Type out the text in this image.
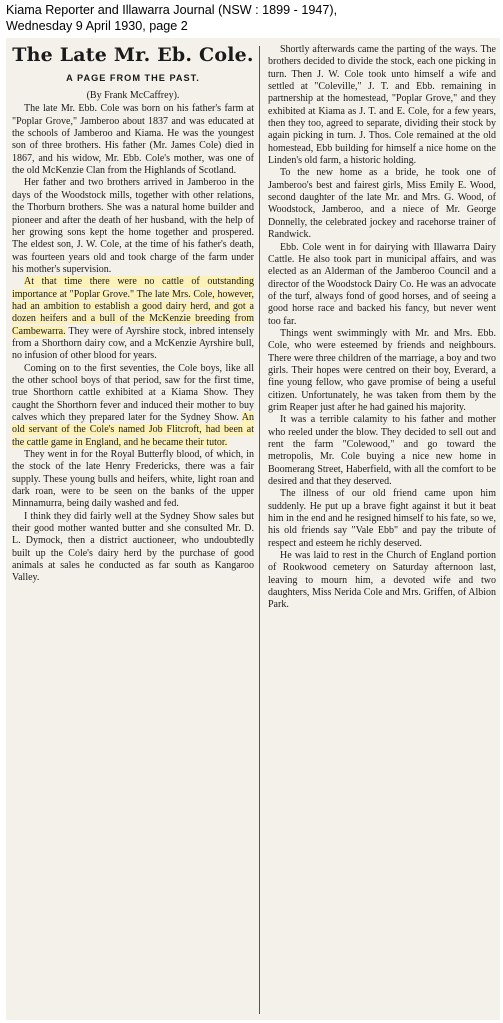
Kiama Reporter and Illawarra Journal (NSW : 1899 - 1947),
Wednesday 9 April 1930, page 2
The Late Mr. Eb. Cole.
A PAGE FROM THE PAST.
(By Frank McCaffrey).

The late Mr. Ebb. Cole was born on his father's farm at "Poplar Grove," Jamberoo about 1837 and was educated at the schools of Jamberoo and Kiama. He was the youngest son of three brothers. His father (Mr. James Cole) died in 1867, and his widow, Mr. Ebb. Cole's mother, was one of the old McKenzie Clan from the Highlands of Scotland.

Her father and two brothers arrived in Jamberoo in the days of the Woodstock mills, together with other relations, the Thorburn brothers. She was a natural home builder and pioneer and after the death of her husband, with the help of her growing sons kept the home together and prospered. The eldest son, J. W. Cole, at the time of his father's death, was fourteen years old and took charge of the farm under his mother's supervision.

At that time there were no cattle of outstanding importance at "Poplar Grove." The late Mrs. Cole, however, had an ambition to establish a good dairy herd, and got a dozen heifers and a bull of the McKenzie breeding from Cambewarra. They were of Ayrshire stock, inbred intensely from a Shorthorn dairy cow, and a McKenzie Ayrshire bull, no infusion of other blood for years.

Coming on to the first seventies, the Cole boys, like all the other school boys of that period, saw for the first time, true Shorthorn cattle exhibited at a Kiama Show. They caught the Shorthorn fever and induced their mother to buy calves which they prepared later for the Sydney Show. An old servant of the Cole's named Job Flitcroft, had been at the cattle game in England, and he became their tutor.

They went in for the Royal Butterfly blood, of which, in the stock of the late Henry Fredericks, there was a fair supply. These young bulls and heifers, white, light roan and dark roan, were to be seen on the banks of the upper Minnamurra, being daily washed and fed.

I think they did fairly well at the Sydney Show sales but their good mother wanted butter and she consulted Mr. D. L. Dymock, then a district auctioneer, who undoubtedly built up the Cole's dairy herd by the purchase of good animals at sales he conducted as far south as Kangaroo Valley.

Shortly afterwards came the parting of the ways. The brothers decided to divide the stock, each one picking in turn. Then J. W. Cole took unto himself a wife and settled at "Coleville," J. T. and Ebb. remaining in partnership at the homestead, "Poplar Grove," and they exhibited at Kiama as J. T. and E. Cole, for a few years, then they too, agreed to separate, dividing their stock by again picking in turn. J. Thos. Cole remained at the old homestead, Ebb building for himself a nice home on the Linden's old farm, a historic holding.

To the new home as a bride, he took one of Jamberoo's best and fairest girls, Miss Emily E. Wood, second daughter of the late Mr. and Mrs. G. Wood, of Woodstock, Jamberoo, and a niece of Mr. George Donnelly, the celebrated jockey and racehorse trainer of Randwick.

Ebb. Cole went in for dairying with Illawarra Dairy Cattle. He also took part in municipal affairs, and was elected as an Alderman of the Jamberoo Council and a director of the Woodstock Dairy Co. He was an advocate of the turf, always fond of good horses, and of seeing a good horse race and backed his fancy, but never went too far.

Things went swimmingly with Mr. and Mrs. Ebb. Cole, who were esteemed by friends and neighbours. There were three children of the marriage, a boy and two girls. Their hopes were centred on their boy, Everard, a fine young fellow, who gave promise of being a useful citizen. Unfortunately, he was taken from them by the grim Reaper just after he had gained his majority.

It was a terrible calamity to his father and mother who reeled under the blow. They decided to sell out and rent the farm "Colewood," and go toward the metropolis, Mr. Cole buying a nice new home in Boomerang Street, Haberfield, with all the comfort to be desired and that they deserved.

The illness of our old friend came upon him suddenly. He put up a brave fight against it but it beat him in the end and he resigned himself to his fate, so we, his old friends say "Vale Ebb" and pay the tribute of respect and esteem he richly deserved.

He was laid to rest in the Church of England portion of Rookwood cemetery on Saturday afternoon last, leaving to mourn him, a devoted wife and two daughters, Miss Nerida Cole and Mrs. Griffen, of Albion Park.
